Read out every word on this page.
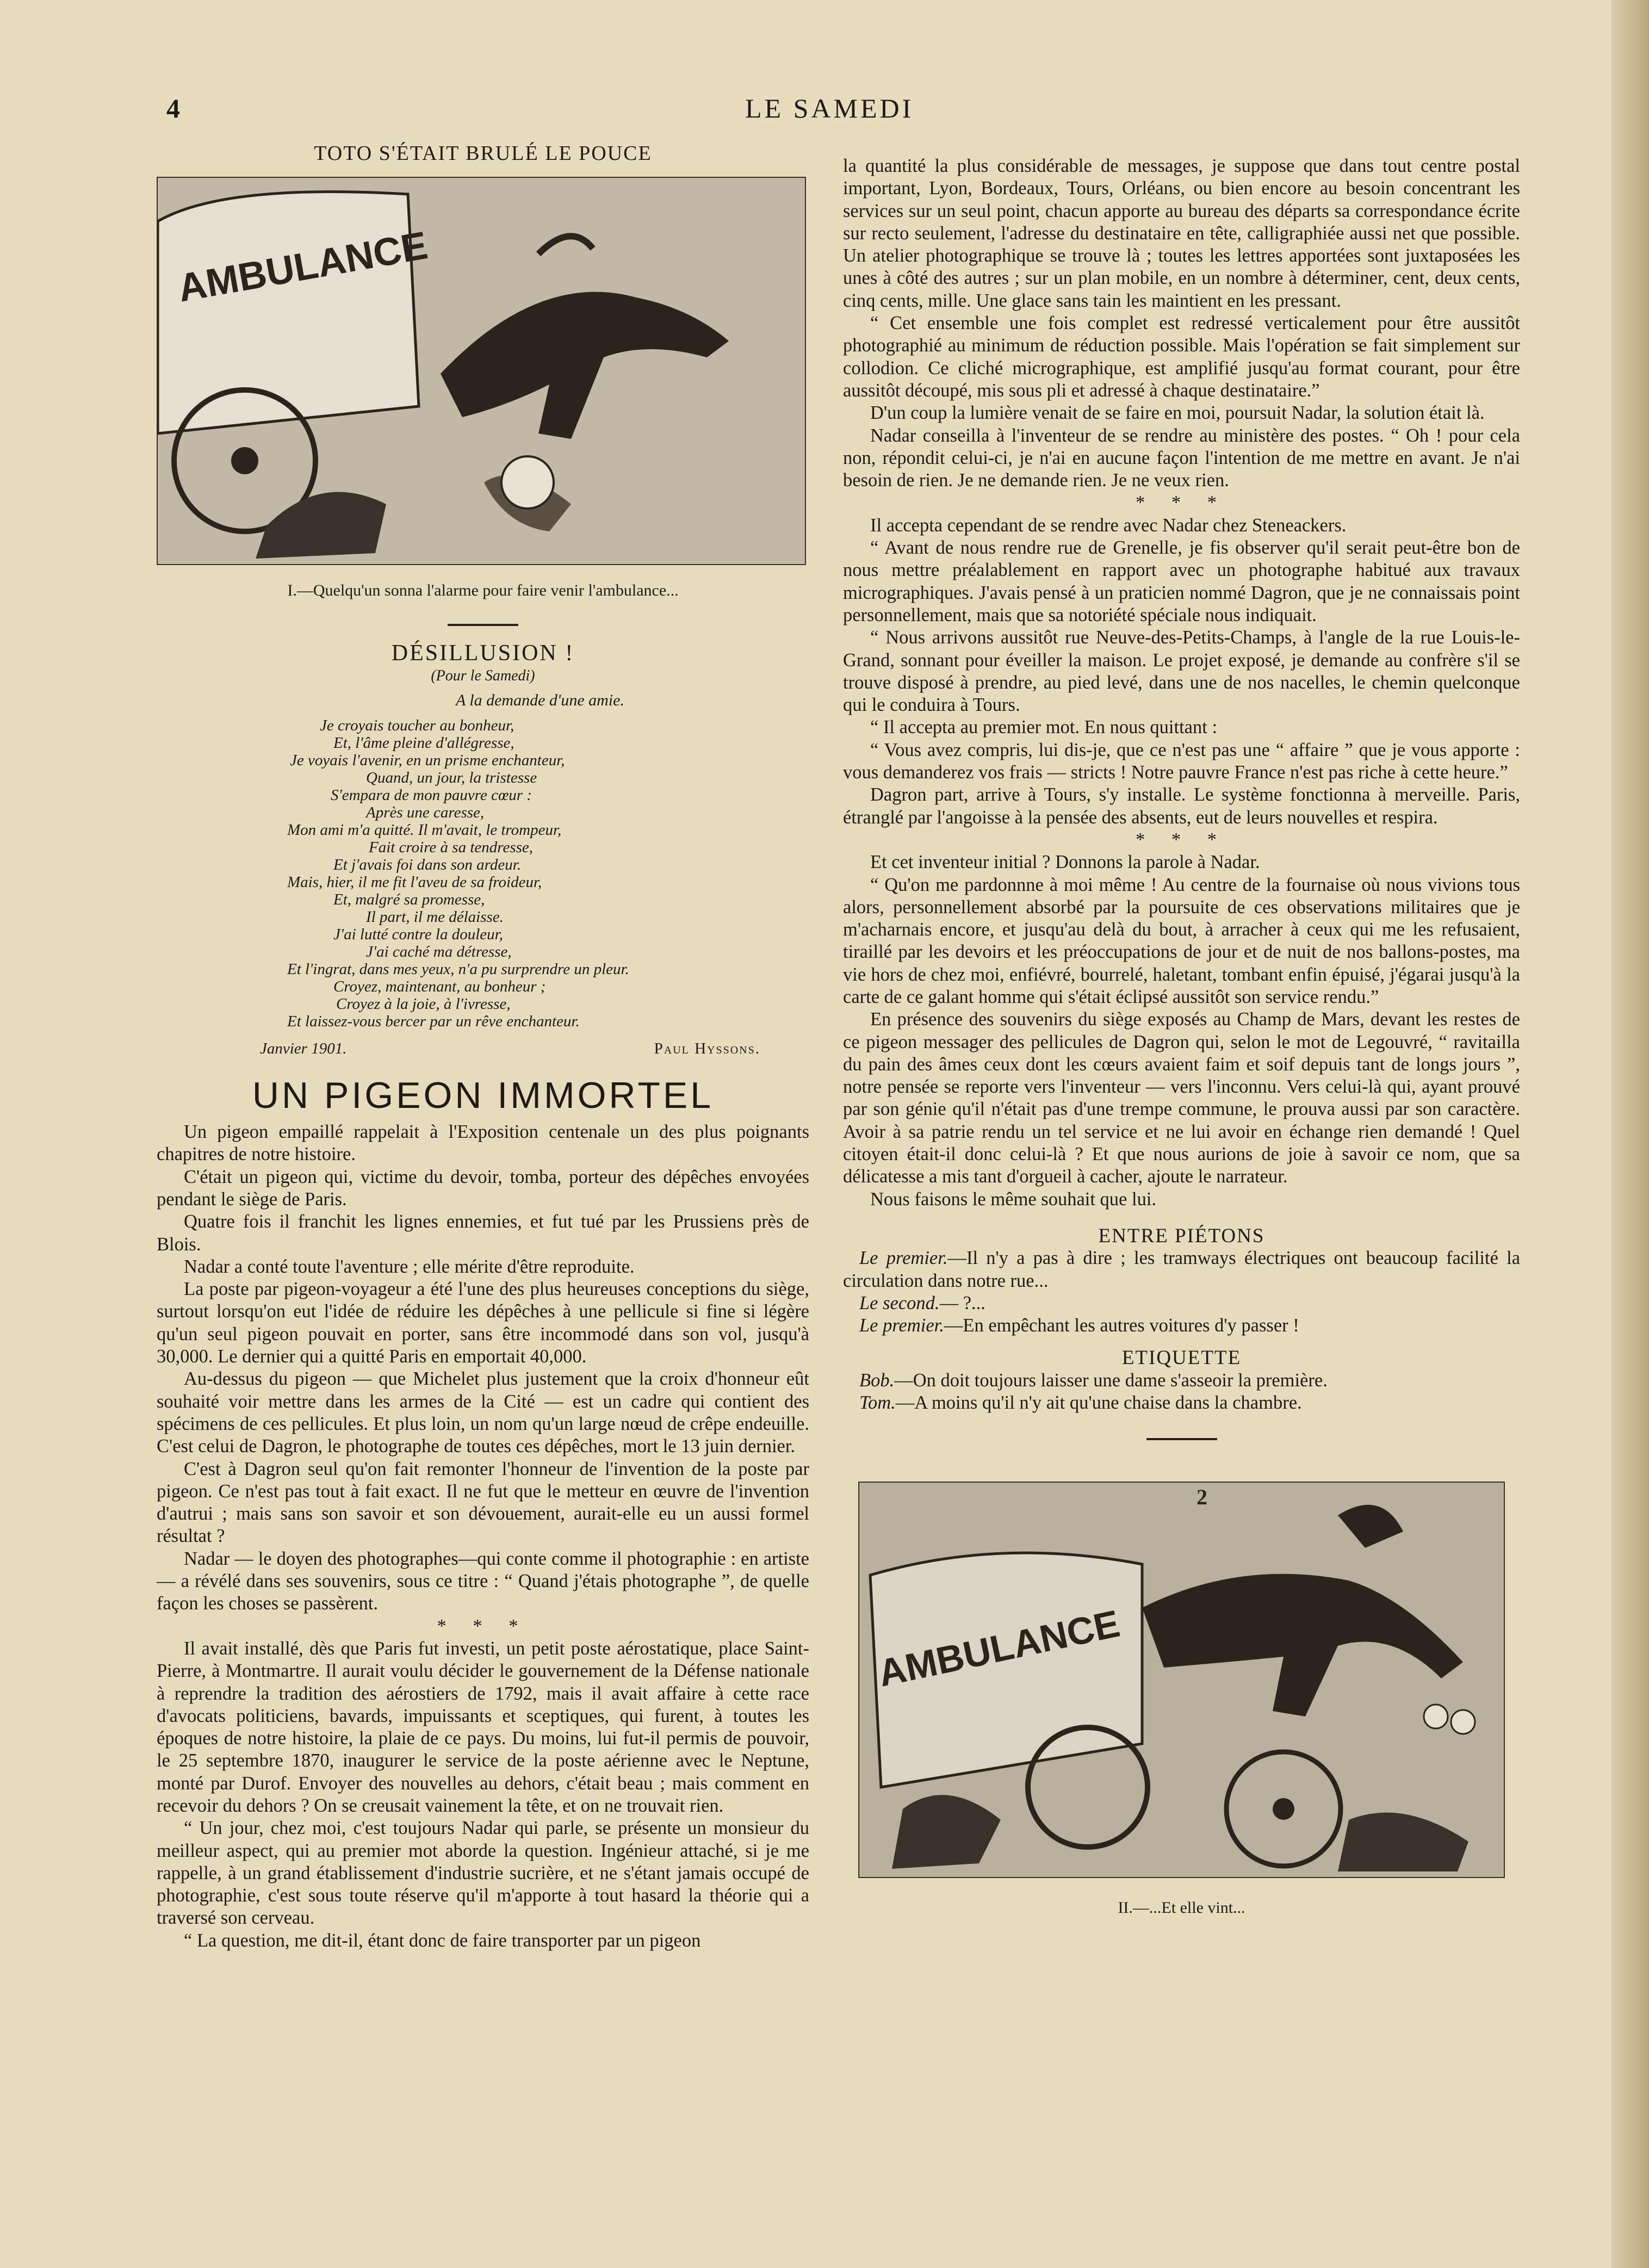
4	LE SAMEDI
TOTO S'ÉTAIT BRULÉ LE POUCE
AMBULANCE
I.—Quelqu'un sonna l'alarme pour faire venir l'ambulance...
DÉSILLUSION !
(Pour le Samedi)
A la demande d'une amie.
Je croyais toucher au bonheur,
Et, l'âme pleine d'allégresse,
Je voyais l'avenir, en un prisme enchanteur,
Quand, un jour, la tristesse
S'empara de mon pauvre cœur :
Après une caresse,
Mon ami m'a quitté. Il m'avait, le trompeur,
Fait croire à sa tendresse,
Et j'avais foi dans son ardeur.
Mais, hier, il me fit l'aveu de sa froideur,
Et, malgré sa promesse,
Il part, il me délaisse.
J'ai lutté contre la douleur,
J'ai caché ma détresse,
Et l'ingrat, dans mes yeux, n'a pu surprendre un pleur.
Croyez, maintenant, au bonheur ;
Croyez à la joie, à l'ivresse,
Et laissez-vous bercer par un rêve enchanteur.
Janvier 1901.	Paul Hyssons.
UN PIGEON IMMORTEL

Un pigeon empaillé rappelait à l'Exposition centenale un des plus poignants chapitres de notre histoire.

C'était un pigeon qui, victime du devoir, tomba, porteur des dépêches envoyées pendant le siège de Paris.

Quatre fois il franchit les lignes ennemies, et fut tué par les Prussiens près de Blois.

Nadar a conté toute l'aventure ; elle mérite d'être reproduite.

La poste par pigeon-voyageur a été l'une des plus heureuses conceptions du siège, surtout lorsqu'on eut l'idée de réduire les dépêches à une pellicule si fine si légère qu'un seul pigeon pouvait en porter, sans être incommodé dans son vol, jusqu'à 30,000. Le dernier qui a quitté Paris en emportait 40,000.

Au-dessus du pigeon — que Michelet plus justement que la croix d'honneur eût souhaité voir mettre dans les armes de la Cité — est un cadre qui contient des spécimens de ces pellicules. Et plus loin, un nom qu'un large nœud de crêpe endeuille. C'est celui de Dagron, le photographe de toutes ces dépêches, mort le 13 juin dernier.

C'est à Dagron seul qu'on fait remonter l'honneur de l'invention de la poste par pigeon. Ce n'est pas tout à fait exact. Il ne fut que le metteur en œuvre de l'invention d'autrui ; mais sans son savoir et son dévouement, aurait-elle eu un aussi formel résultat ?

Nadar — le doyen des photographes—qui conte comme il photographie : en artiste — a révélé dans ses souvenirs, sous ce titre : “ Quand j'étais photographe ”, de quelle façon les choses se passèrent.

* * *

Il avait installé, dès que Paris fut investi, un petit poste aérostatique, place Saint-Pierre, à Montmartre. Il aurait voulu décider le gouvernement de la Défense nationale à reprendre la tradition des aérostiers de 1792, mais il avait affaire à cette race d'avocats politiciens, bavards, impuissants et sceptiques, qui furent, à toutes les époques de notre histoire, la plaie de ce pays. Du moins, lui fut-il permis de pouvoir, le 25 septembre 1870, inaugurer le service de la poste aérienne avec le Neptune, monté par Durof. Envoyer des nouvelles au dehors, c'était beau ; mais comment en recevoir du dehors ? On se creusait vainement la tête, et on ne trouvait rien.

“ Un jour, chez moi, c'est toujours Nadar qui parle, se présente un monsieur du meilleur aspect, qui au premier mot aborde la question. Ingénieur attaché, si je me rappelle, à un grand établissement d'industrie sucrière, et ne s'étant jamais occupé de photographie, c'est sous toute réserve qu'il m'apporte à tout hasard la théorie qui a traversé son cerveau.

“ La question, me dit-il, étant donc de faire transporter par un pigeon

la quantité la plus considérable de messages, je suppose que dans tout centre postal important, Lyon, Bordeaux, Tours, Orléans, ou bien encore au besoin concentrant les services sur un seul point, chacun apporte au bureau des départs sa correspondance écrite sur recto seulement, l'adresse du destinataire en tête, calligraphiée aussi net que possible. Un atelier photographique se trouve là ; toutes les lettres apportées sont juxtaposées les unes à côté des autres ; sur un plan mobile, en un nombre à déterminer, cent, deux cents, cinq cents, mille. Une glace sans tain les maintient en les pressant.

“ Cet ensemble une fois complet est redressé verticalement pour être aussitôt photographié au minimum de réduction possible. Mais l'opération se fait simplement sur collodion. Ce cliché micrographique, est amplifié jusqu'au format courant, pour être aussitôt découpé, mis sous pli et adressé à chaque destinataire.”

D'un coup la lumière venait de se faire en moi, poursuit Nadar, la solution était là.

Nadar conseilla à l'inventeur de se rendre au ministère des postes. “ Oh ! pour cela non, répondit celui-ci, je n'ai en aucune façon l'intention de me mettre en avant. Je n'ai besoin de rien. Je ne demande rien. Je ne veux rien.

* * *

Il accepta cependant de se rendre avec Nadar chez Steneackers.

“ Avant de nous rendre rue de Grenelle, je fis observer qu'il serait peut-être bon de nous mettre préalablement en rapport avec un photographe habitué aux travaux micrographiques. J'avais pensé à un praticien nommé Dagron, que je ne connaissais point personnellement, mais que sa notoriété spéciale nous indiquait.

“ Nous arrivons aussitôt rue Neuve-des-Petits-Champs, à l'angle de la rue Louis-le-Grand, sonnant pour éveiller la maison. Le projet exposé, je demande au confrère s'il se trouve disposé à prendre, au pied levé, dans une de nos nacelles, le chemin quelconque qui le conduira à Tours.

“ Il accepta au premier mot. En nous quittant :

“ Vous avez compris, lui dis-je, que ce n'est pas une “ affaire ” que je vous apporte : vous demanderez vos frais — stricts ! Notre pauvre France n'est pas riche à cette heure.”

Dagron part, arrive à Tours, s'y installe. Le système fonctionna à merveille. Paris, étranglé par l'angoisse à la pensée des absents, eut de leurs nouvelles et respira.

* * *

Et cet inventeur initial ? Donnons la parole à Nadar.

“ Qu'on me pardonnne à moi même ! Au centre de la fournaise où nous vivions tous alors, personnellement absorbé par la poursuite de ces observations militaires que je m'acharnais encore, et jusqu'au delà du bout, à arracher à ceux qui me les refusaient, tiraillé par les devoirs et les préoccupations de jour et de nuit de nos ballons-postes, ma vie hors de chez moi, enfiévré, bourrelé, haletant, tombant enfin épuisé, j'égarai jusqu'à la carte de ce galant homme qui s'était éclipsé aussitôt son service rendu.”

En présence des souvenirs du siège exposés au Champ de Mars, devant les restes de ce pigeon messager des pellicules de Dagron qui, selon le mot de Legouvré, “ ravitailla du pain des âmes ceux dont les cœurs avaient faim et soif depuis tant de longs jours ”, notre pensée se reporte vers l'inventeur — vers l'inconnu. Vers celui-là qui, ayant prouvé par son génie qu'il n'était pas d'une trempe commune, le prouva aussi par son caractère. Avoir à sa patrie rendu un tel service et ne lui avoir en échange rien demandé ! Quel citoyen était-il donc celui-là ? Et que nous aurions de joie à savoir ce nom, que sa délicatesse a mis tant d'orgueil à cacher, ajoute le narrateur.

Nous faisons le même souhait que lui.

ENTRE PIÉTONS

Le premier.—Il n'y a pas à dire ; les tramways électriques ont beaucoup facilité la circulation dans notre rue...

Le second.— ?...

Le premier.—En empêchant les autres voitures d'y passer !

ETIQUETTE

Bob.—On doit toujours laisser une dame s'asseoir la première.

Tom.—A moins qu'il n'y ait qu'une chaise dans la chambre.

2
AMBULANCE
II.—...Et elle vint...
